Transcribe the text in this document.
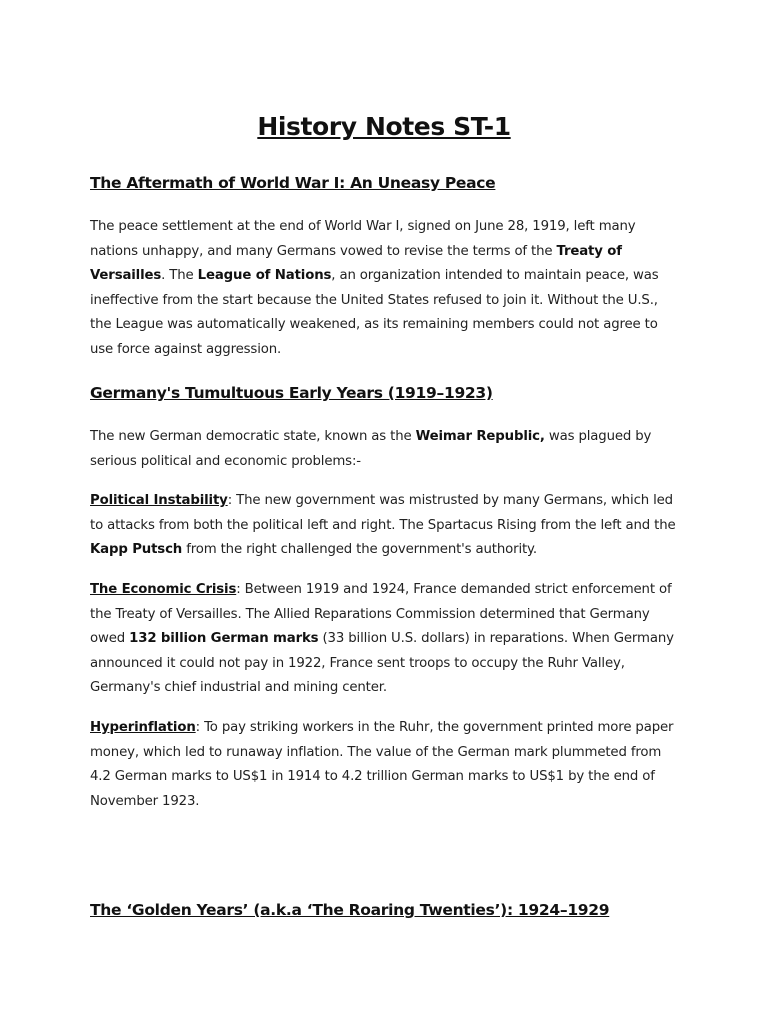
History Notes ST-1
The Aftermath of World War I: An Uneasy Peace

The peace settlement at the end of World War I, signed on June 28, 1919, left many nations unhappy, and many Germans vowed to revise the terms of the Treaty of Versailles. The League of Nations, an organization intended to maintain peace, was ineffective from the start because the United States refused to join it. Without the U.S., the League was automatically weakened, as its remaining members could not agree to use force against aggression.

Germany's Tumultuous Early Years (1919–1923)

The new German democratic state, known as the Weimar Republic, was plagued by serious political and economic problems:-

Political Instability: The new government was mistrusted by many Germans, which led to attacks from both the political left and right. The Spartacus Rising from the left and the Kapp Putsch from the right challenged the government's authority.

The Economic Crisis: Between 1919 and 1924, France demanded strict enforcement of the Treaty of Versailles. The Allied Reparations Commission determined that Germany owed 132 billion German marks (33 billion U.S. dollars) in reparations. When Germany announced it could not pay in 1922, France sent troops to occupy the Ruhr Valley, Germany's chief industrial and mining center.

Hyperinflation: To pay striking workers in the Ruhr, the government printed more paper money, which led to runaway inflation. The value of the German mark plummeted from 4.2 German marks to US$1 in 1914 to 4.2 trillion German marks to US$1 by the end of November 1923.

The ‘Golden Years’ (a.k.a ‘The Roaring Twenties’): 1924–1929
